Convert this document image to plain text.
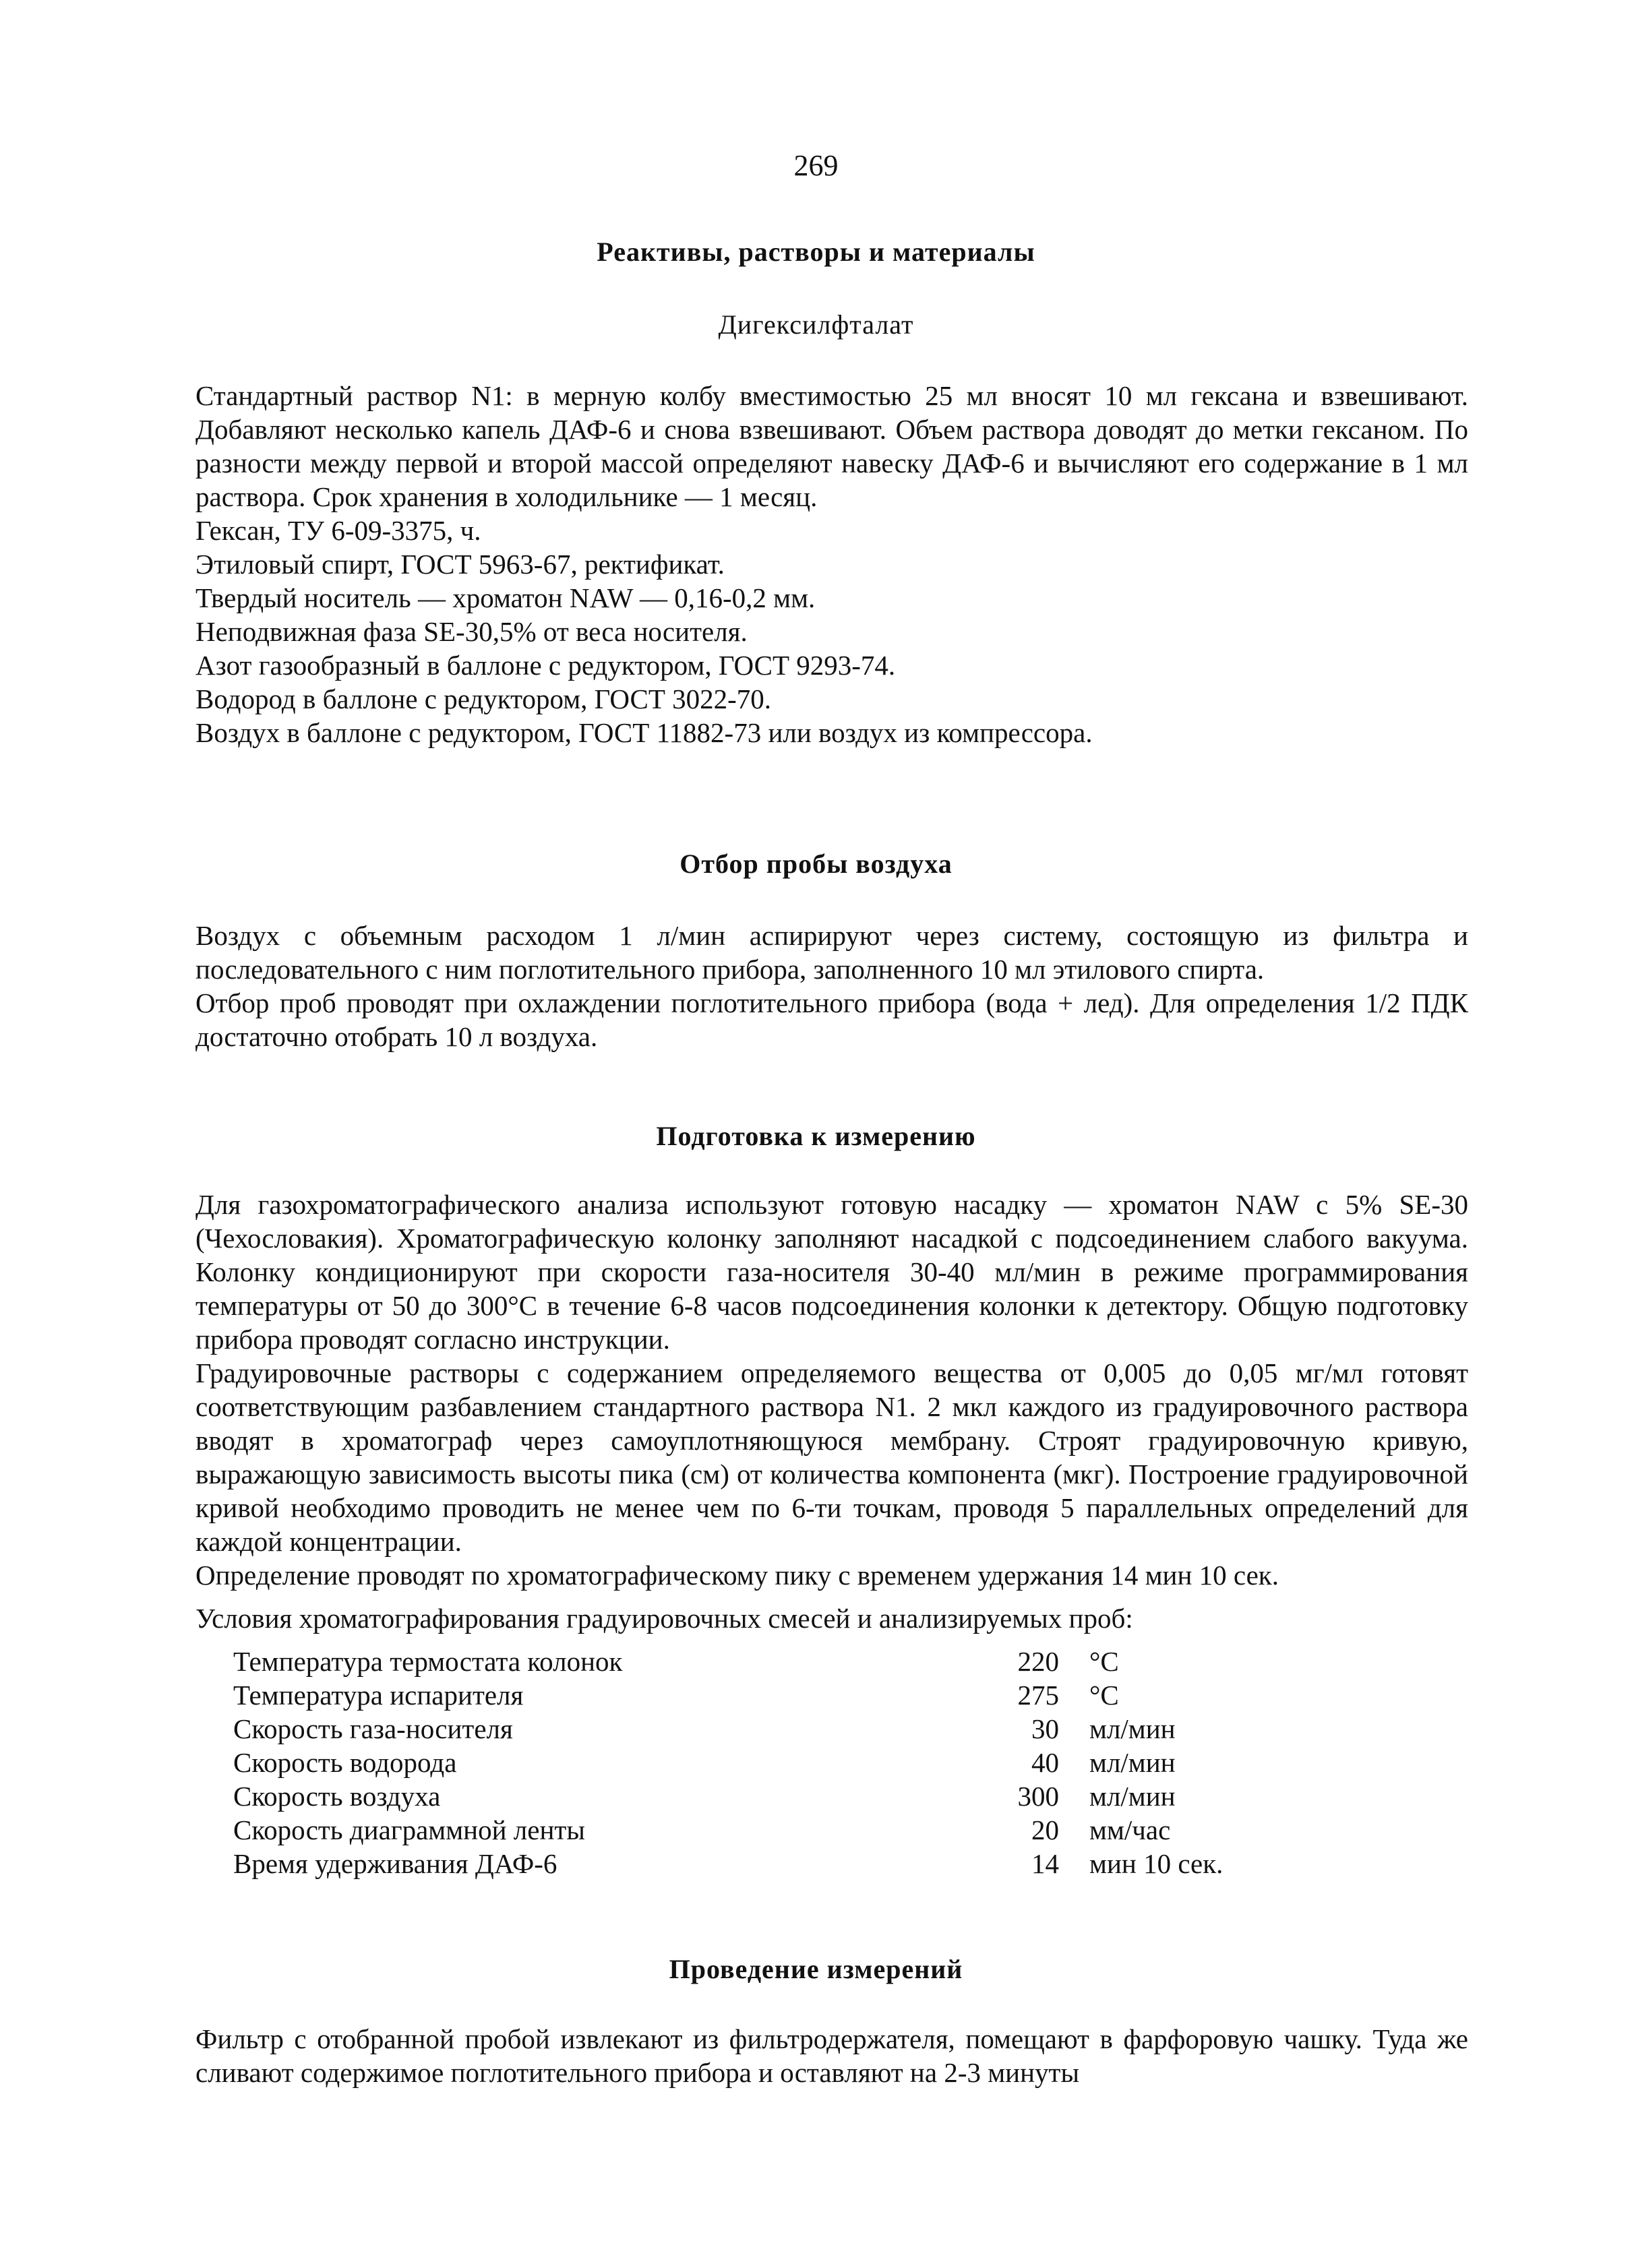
269
Реактивы, растворы и материалы
Дигексилфталат

Стандартный раствор N1: в мерную колбу вместимостью 25 мл вносят 10 мл гексана и взвешивают. Добавляют несколько капель ДАФ-6 и снова взвешивают. Объем раствора доводят до метки гексаном. По разности между первой и второй массой определяют навеску ДАФ-6 и вычисляют его содержание в 1 мл раствора. Срок хранения в холодильнике — 1 месяц.

Гексан, ТУ 6-09-3375, ч.

Этиловый спирт, ГОСТ 5963-67, ректификат.

Твердый носитель — хроматон NAW — 0,16-0,2 мм.

Неподвижная фаза SE-30,5% от веса носителя.

Азот газообразный в баллоне с редуктором, ГОСТ 9293-74.

Водород в баллоне с редуктором, ГОСТ 3022-70.

Воздух в баллоне с редуктором, ГОСТ 11882-73 или воздух из компрессора.

Отбор пробы воздуха

Воздух с объемным расходом 1 л/мин аспирируют через систему, состоящую из фильтра и последовательного с ним поглотительного прибора, заполненного 10 мл этилового спирта.

Отбор проб проводят при охлаждении поглотительного прибора (вода + лед). Для определения 1/2 ПДК достаточно отобрать 10 л воздуха.

Подготовка к измерению

Для газохроматографического анализа используют готовую насадку — хроматон NAW с 5% SE-30 (Чехословакия). Хроматографическую колонку заполняют насадкой с подсоединением слабого вакуума. Колонку кондиционируют при скорости газа-носителя 30-40 мл/мин в режиме программирования температуры от 50 до 300°С в течение 6-8 часов подсоединения колонки к детектору. Общую подготовку прибора проводят согласно инструкции.

Градуировочные растворы с содержанием определяемого вещества от 0,005 до 0,05 мг/мл готовят соответствующим разбавлением стандартного раствора N1. 2 мкл каждого из градуировочного раствора вводят в хроматограф через самоуплотняющуюся мембрану. Строят градуировочную кривую, выражающую зависимость высоты пика (см) от количества компонента (мкг). Построение градуировочной кривой необходимо проводить не менее чем по 6-ти точкам, проводя 5 параллельных определений для каждой концентрации.

Определение проводят по хроматографическому пику с временем удержания 14 мин 10 сек.

Условия хроматографирования градуировочных смесей и анализируемых проб:

Температура термостата колонок	220	°С
Температура испарителя	275	°С
Скорость газа-носителя	30	мл/мин
Скорость водорода	40	мл/мин
Скорость воздуха	300	мл/мин
Скорость диаграммной ленты	20	мм/час
Время удерживания ДАФ-6	14	мин 10 сек.
Проведение измерений

Фильтр с отобранной пробой извлекают из фильтродержателя, помещают в фарфоровую чашку. Туда же сливают содержимое поглотительного прибора и оставляют на 2-3 минуты
